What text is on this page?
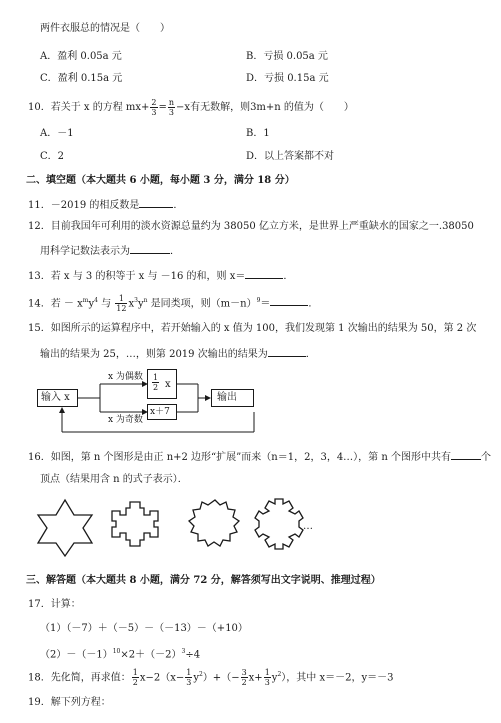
两件衣服总的情况是（　　）
A．盈利 0.05a 元	B．亏损 0.05a 元
C．盈利 0.15a 元	D．亏损 0.15a 元
10．若关于 x 的方程 $mx+ \frac{2}{3} = \frac{n}{3} -x$有无数解，则3m+n 的值为（　　）
A．－1	B．1
C．2	D．以上答案都不对
二、填空题（本大题共 6 小题，每小题 3 分，满分 18 分）
11．－2019 的相反数是	．
12．目前我国年可利用的淡水资源总量约为 38050 亿立方米，是世界上严重缺水的国家之一.38050
用科学记数法表示为	．
13．若 x 与 3 的积等于 x 与 －16 的和，则 x＝	．
14．若 － $x^my^4$ 与 $\frac{1}{12} x^3y^n$ 是同类项，则$(m-n)^9=$	．
15．如图所示的运算程序中，若开始输入的 x 值为 100，我们发现第 1 次输出的结果为 50，第 2 次
输出的结果为 25，…，则第 2019 次输出的结果为	．
输入 x
x 为偶数
x 为奇数
$\frac{1}{2}$ x
x＋7
输出
16．如图，第 n 个图形是由正 n+2 边形“扩展”而来（n＝1，2，3，4…），第 n 个图形中共有	个
顶点（结果用含 n 的式子表示）．
…
三、解答题（本大题共 8 小题，满分 72 分，解答须写出文字说明、推理过程）
17．计算：
（1）（－7）＋（－5）－（－13）－（+10）
$(2)-(-1)^{10}\times 2+(-2)^3\div 4$
18．先化简，再求值： $\frac{1}{2} x-2(x- \frac{1}{3} y^2)+(- \frac{3}{2} x+ \frac{1}{3} y^2)$，其中 x＝－2，y＝－3
19．解下列方程：
